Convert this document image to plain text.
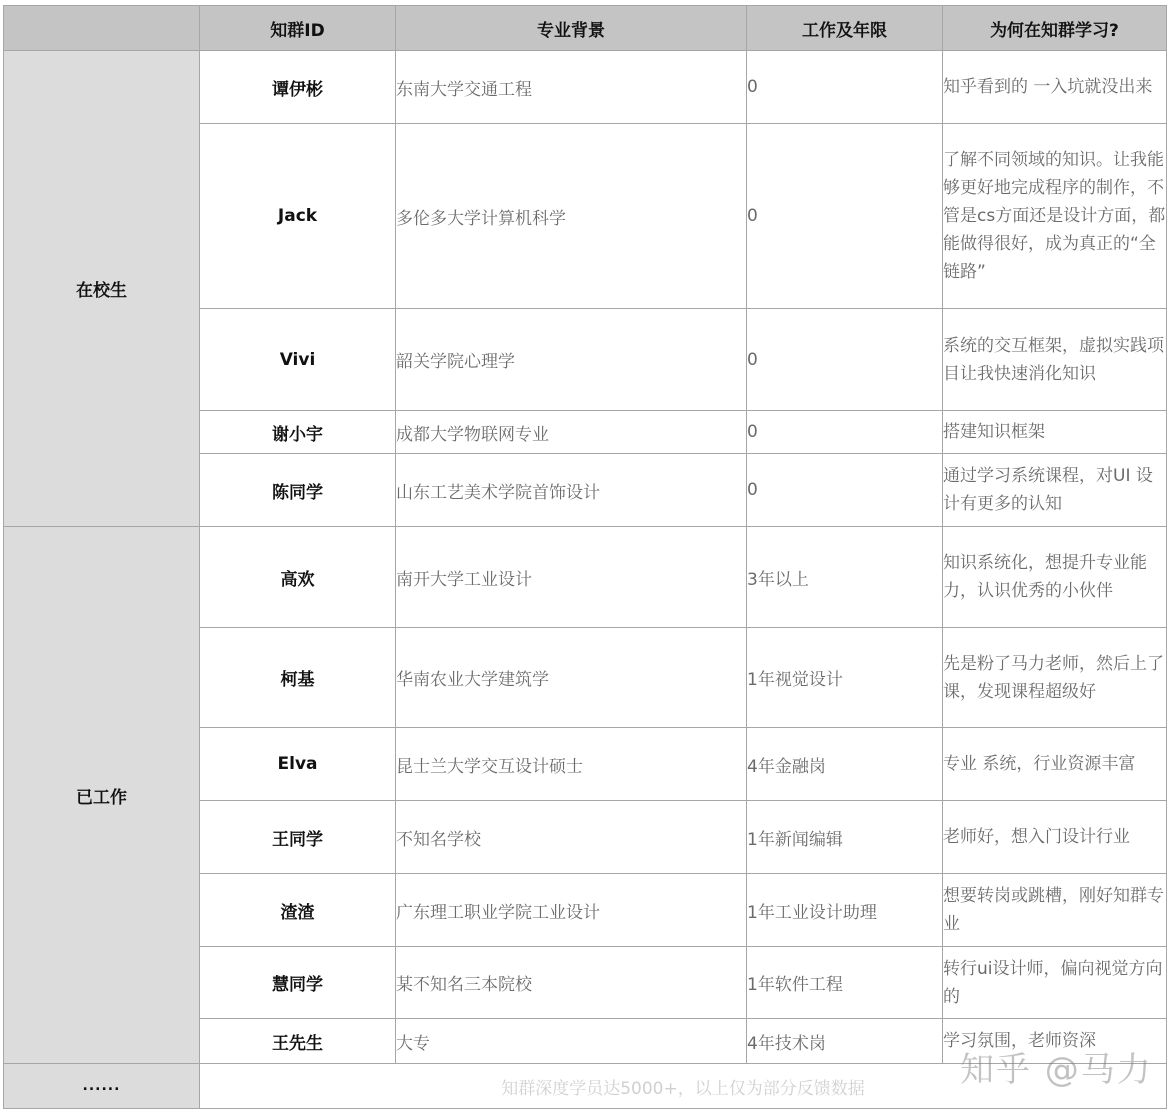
	知群ID	专业背景	工作及年限	为何在知群学习?
在校生	谭伊彬	东南大学交通工程	0	知乎看到的 一入坑就没出来
	Jack	多伦多大学计算机科学	0	了解不同领域的知识。让我能够更好地完成程序的制作，不管是cs方面还是设计方面，都能做得很好，成为真正的“全链路”
	Vivi	韶关学院心理学	0	系统的交互框架，虚拟实践项目让我快速消化知识
	谢小宇	成都大学物联网专业	0	搭建知识框架
	陈同学	山东工艺美术学院首饰设计	0	通过学习系统课程，对UI 设计有更多的认知
已工作	高欢	南开大学工业设计	3年以上	知识系统化，想提升专业能力，认识优秀的小伙伴
	柯基	华南农业大学建筑学	1年视觉设计	先是粉了马力老师，然后上了课，发现课程超级好
	Elva	昆士兰大学交互设计硕士	4年金融岗	专业 系统，行业资源丰富
	王同学	不知名学校	1年新闻编辑	老师好，想入门设计行业
	渣渣	广东理工职业学院工业设计	1年工业设计助理	想要转岗或跳槽，刚好知群专业
	慧同学	某不知名三本院校	1年软件工程	转行ui设计师，偏向视觉方向的
	王先生	大专	4年技术岗	学习氛围，老师资深
......	知群深度学员达5000+，以上仅为部分反馈数据				知乎 @马力
